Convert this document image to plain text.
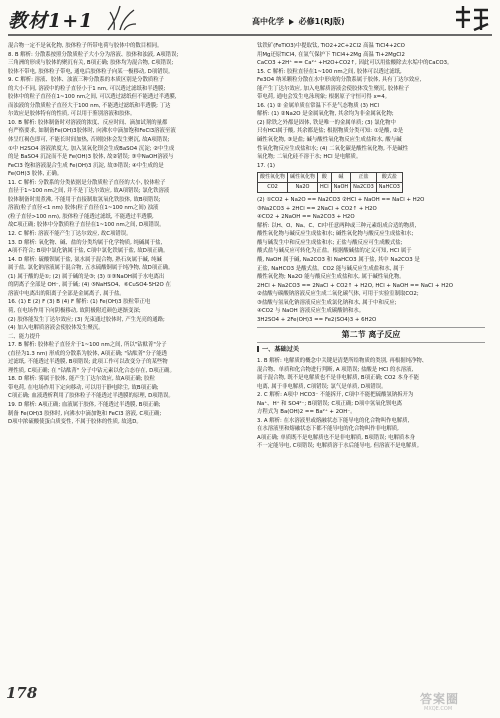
教材1+1	高中化学 必修1(RJ版)

混合物一定不是氧化物, 胶体粒子所带电荷与胶体中的数目相同。

8. B 解析: 分散系按照分散质粒子大小分为溶液、胶体和浊液, A项错误;

三角洲的形成与胶体的聚沉有关, B项正确; 胶体均为混合物, C项错误;

胶体不带电, 胶体粒子带电, 通电后胶体粒子向某一极移动, D项错误。

9. C 解析: 溶液、胶体、浊液三种分散系的本质区别是分散质粒子

的大小不同, 溶液中的粒子直径小于1 nm, 可以透过滤纸和半透膜;

胶体中的粒子直径在1~100 nm之间, 可以透过滤纸但不能透过半透膜,

而浊液的分散质粒子直径大于100 nm, 不能透过滤纸和半透膜; 丁达

尔效应是胶体特有的性质, 可以用于鉴别溶液和胶体。

10. B 解析: 胶体制备时对溶液的浓度、反应时间、滴加试剂的量都

有严格要求, 如制备Fe(OH)3胶体时, 向沸水中滴加饱和FeCl3溶液至液

体呈红褐色即可, 不能长时间加热, 否则胶体会发生聚沉, 故A项错误;

①中 H2SO4 溶液浓度大, 加入氢氧化钡会生成BaSO4 沉淀; ②中生成

的是 BaSO4 沉淀而不是 Fe(OH)3 胶体, 故②错误; ③中NaOH溶液与

FeCl3 饱和溶液混合生成 Fe(OH)3 沉淀, 故③错误; ④中生成的是

Fe(OH)3 胶体, 正确。

11. C 解析: 分散系的分类依据是分散质粒子直径的大小, 胶体粒子

直径于1~100 nm之间, 并不是丁达尔效应, 故A项错误; 氯化铁溶液

胶体制备时需煮沸, 不能用于直接制取氢氧化铁胶体, 故B项错误;

溶液(粒子直径<1 nm) 胶体(粒子直径在1~100 nm之间) 浊液

(粒子直径>100 nm), 胶体粒子能透过滤纸, 不能透过半透膜,

故C项正确; 胶体中分散质粒子直径在1~100 nm之间, D项错误。

12. C 解析: 溶液不能产生丁达尔效应, 故C项错误。

13. D 解析: 氧化物、碱、盐的分类均属于化学物质, 纯碱属于盐,

A项不符合; B项中氯化钠属于盐, C项中氯化铁属于盐, 故D项正确。

14. D 解析: 硫酸钡属于盐, 氨水属于混合物, 熟石灰属于碱, 纯碱

属于盐, 氯化钠溶液属于混合物, 五水硫酸铜属于纯净物, 故D项正确。

(1) 属于酸的是①; (2) 属于碱的是③; (3) ①③NaOH属于水电离出

的阴离子全部是 OH⁻, 属于碱; (4) ⑤NaHSO4、⑥CuSO4·5H2O 在

溶液中电离出的阳离子全部是金属离子, 属于盐。

16. (1) E (2) F (3) B (4) F 解析: (1) Fe(OH)3 胶粒带正电

荷, 在电场作用下向阴极移动, 故阴极附近颜色逐渐变深;

(2) 胶体能发生丁达尔效应; (3) 光束通过胶体时, 产生光亮的通路;

(4) 加入电解质溶液会使胶体发生聚沉。

二、能力提升

17. B 解析: 胶体粒子直径介于1~100 nm之间, 所以"钴酞菁"分子

(直径为1.3 nm) 形成的分散系为胶体, A项正确; "钴酞菁"分子能透

过滤纸, 不能透过半透膜, B项错误; 此项工作可以改变分子的某些物

理性质, C项正确; 在 "钴酞菁" 分子中钴元素以化合态存在, D项正确。

18. D 解析: 雾属于胶体, 能产生丁达尔效应, 故A项正确; 胶粒

带电荷, 在电场作用下定向移动, 可以用于静电除尘, 故B项正确;

C项正确; 血液透析利用了胶体粒子不能透过半透膜的原理, D项错误。

19. D 解析: A项正确; 血液属于胶体, 不能透过半透膜, B项正确;

制备 Fe(OH)3 胶体时, 向沸水中滴加饱和 FeCl3 溶液, C项正确;

D项中浓硫酸使蛋白质变性, 不属于胶体的性质, 故选D。

钛铁矿(FeTiO3)中提取钛, TiO2+2C+2Cl2 高温 TiCl4+2CO

用Mg还原TiCl4, 在氩气保护下 TiCl4+2Mg 高温 Ti+2MgCl2

CaCO3 +2H⁺ == Ca²⁺ +H2O+CO2↑, 因此可以用盐酸除去水垢中的CaCO3。

15. C 解析: 胶粒直径在1~100 nm之间, 胶体可以透过滤纸,

Fe3O4 纳米颗粒分散在水中形成的分散系属于胶体, 具有丁达尔效应,

能产生丁达尔效应, 加入电解质溶液会使胶体发生聚沉, 胶体粒子

带电荷, 通电会发生电泳现象; 根据原子守恒可得 x=4。

16. (1) ② 金属单质在常温下不是气态物质 (3) HCl

解析: (1) ②Na2O 是金属氧化物, 其余均为非金属氧化物;

(2) 除铁之外都是固体, 铁是唯一的金属单质; (3) 氯化物中

只有HCl属于酸, 其余都是盐; 根据物质分类可知: ①是酸, ②是

碱性氧化物, ③是盐; 碱与酸性氧化物反应生成盐和水, 酸与碱

性氧化物反应生成盐和水; (4) 二氧化碳是酸性氧化物, 不是碱性

氧化物; 二氧化硅不溶于水; HCl 是电解质。

17. (1)

酸性氧化物	碱性氧化物	酸	碱	正盐	酸式盐
CO2	Na2O	HCl	NaOH	Na2CO3	NaHCO3

(2) ①CO2 + Na2O == Na2CO3 ②HCl + NaOH == NaCl + H2O

③Na2CO3 + 2HCl == 2NaCl + CO2↑ + H2O

④CO2 + 2NaOH == Na2CO3 + H2O

解析: 以H、O、Na、C、Cl中任意两种或三种元素组成合适的物质,

酸性氧化物与碱反应生成盐和水; 碱性氧化物与酸反应生成盐和水;

酸与碱发生中和反应生成盐和水; 正盐与酸反应可生成酸式盐;

酸式盐与碱反应可转化为正盐。根据酸碱盐的定义可知, HCl 属于

酸, NaOH 属于碱, Na2CO3 和 NaHCO3 属于盐, 其中 Na2CO3 是

正盐, NaHCO3 是酸式盐。CO2 能与碱反应生成盐和水, 属于

酸性氧化物; Na2O 能与酸反应生成盐和水, 属于碱性氧化物。

2HCl + Na2CO3 == 2NaCl + CO2↑ + H2O, HCl + NaOH == NaCl + H2O

②盐酸与碳酸钠溶液反应生成二氧化碳气体, 可用于实验室制取CO2;

③盐酸与氢氧化钠溶液反应生成氯化钠和水, 属于中和反应;

④CO2 与 NaOH 溶液反应生成碳酸钠和水。

3H2SO4 + 2Fe(OH)3 == Fe2(SO4)3 + 6H2O

第二节 离子反应
一、基础过关

1. B 解析: 电解质的概念中关键是清楚所给物质的类别, 再根据纯净物、

混合物、单质和化合物进行判断, A 项错误; 盐酸是 HCl 的水溶液,

属于混合物, 既不是电解质也不是非电解质, B项正确; CO2 本身不能

电离, 属于非电解质, C项错误; 氯气是单质, D项错误。

2. C 解析: A项中 HCO3⁻ 不能拆开, C项中不能把硫酸氢钠拆开为

Na⁺、H⁺ 和 SO4²⁻; B项错误; C项正确; D项中氢氧化钡电离

方程式为 Ba(OH)2 == Ba²⁺ + 2OH⁻。

3. A 解析: 在水溶液里或熔融状态下能导电的化合物叫作电解质,

在水溶液里和熔融状态下都不能导电的化合物叫作非电解质,

A项正确; 单质既不是电解质也不是非电解质, B项错误; 电解质本身

不一定能导电, C项错误; 电解质溶于水后能导电, 但溶液不是电解质。

178	答案圈
MXQE.COM
